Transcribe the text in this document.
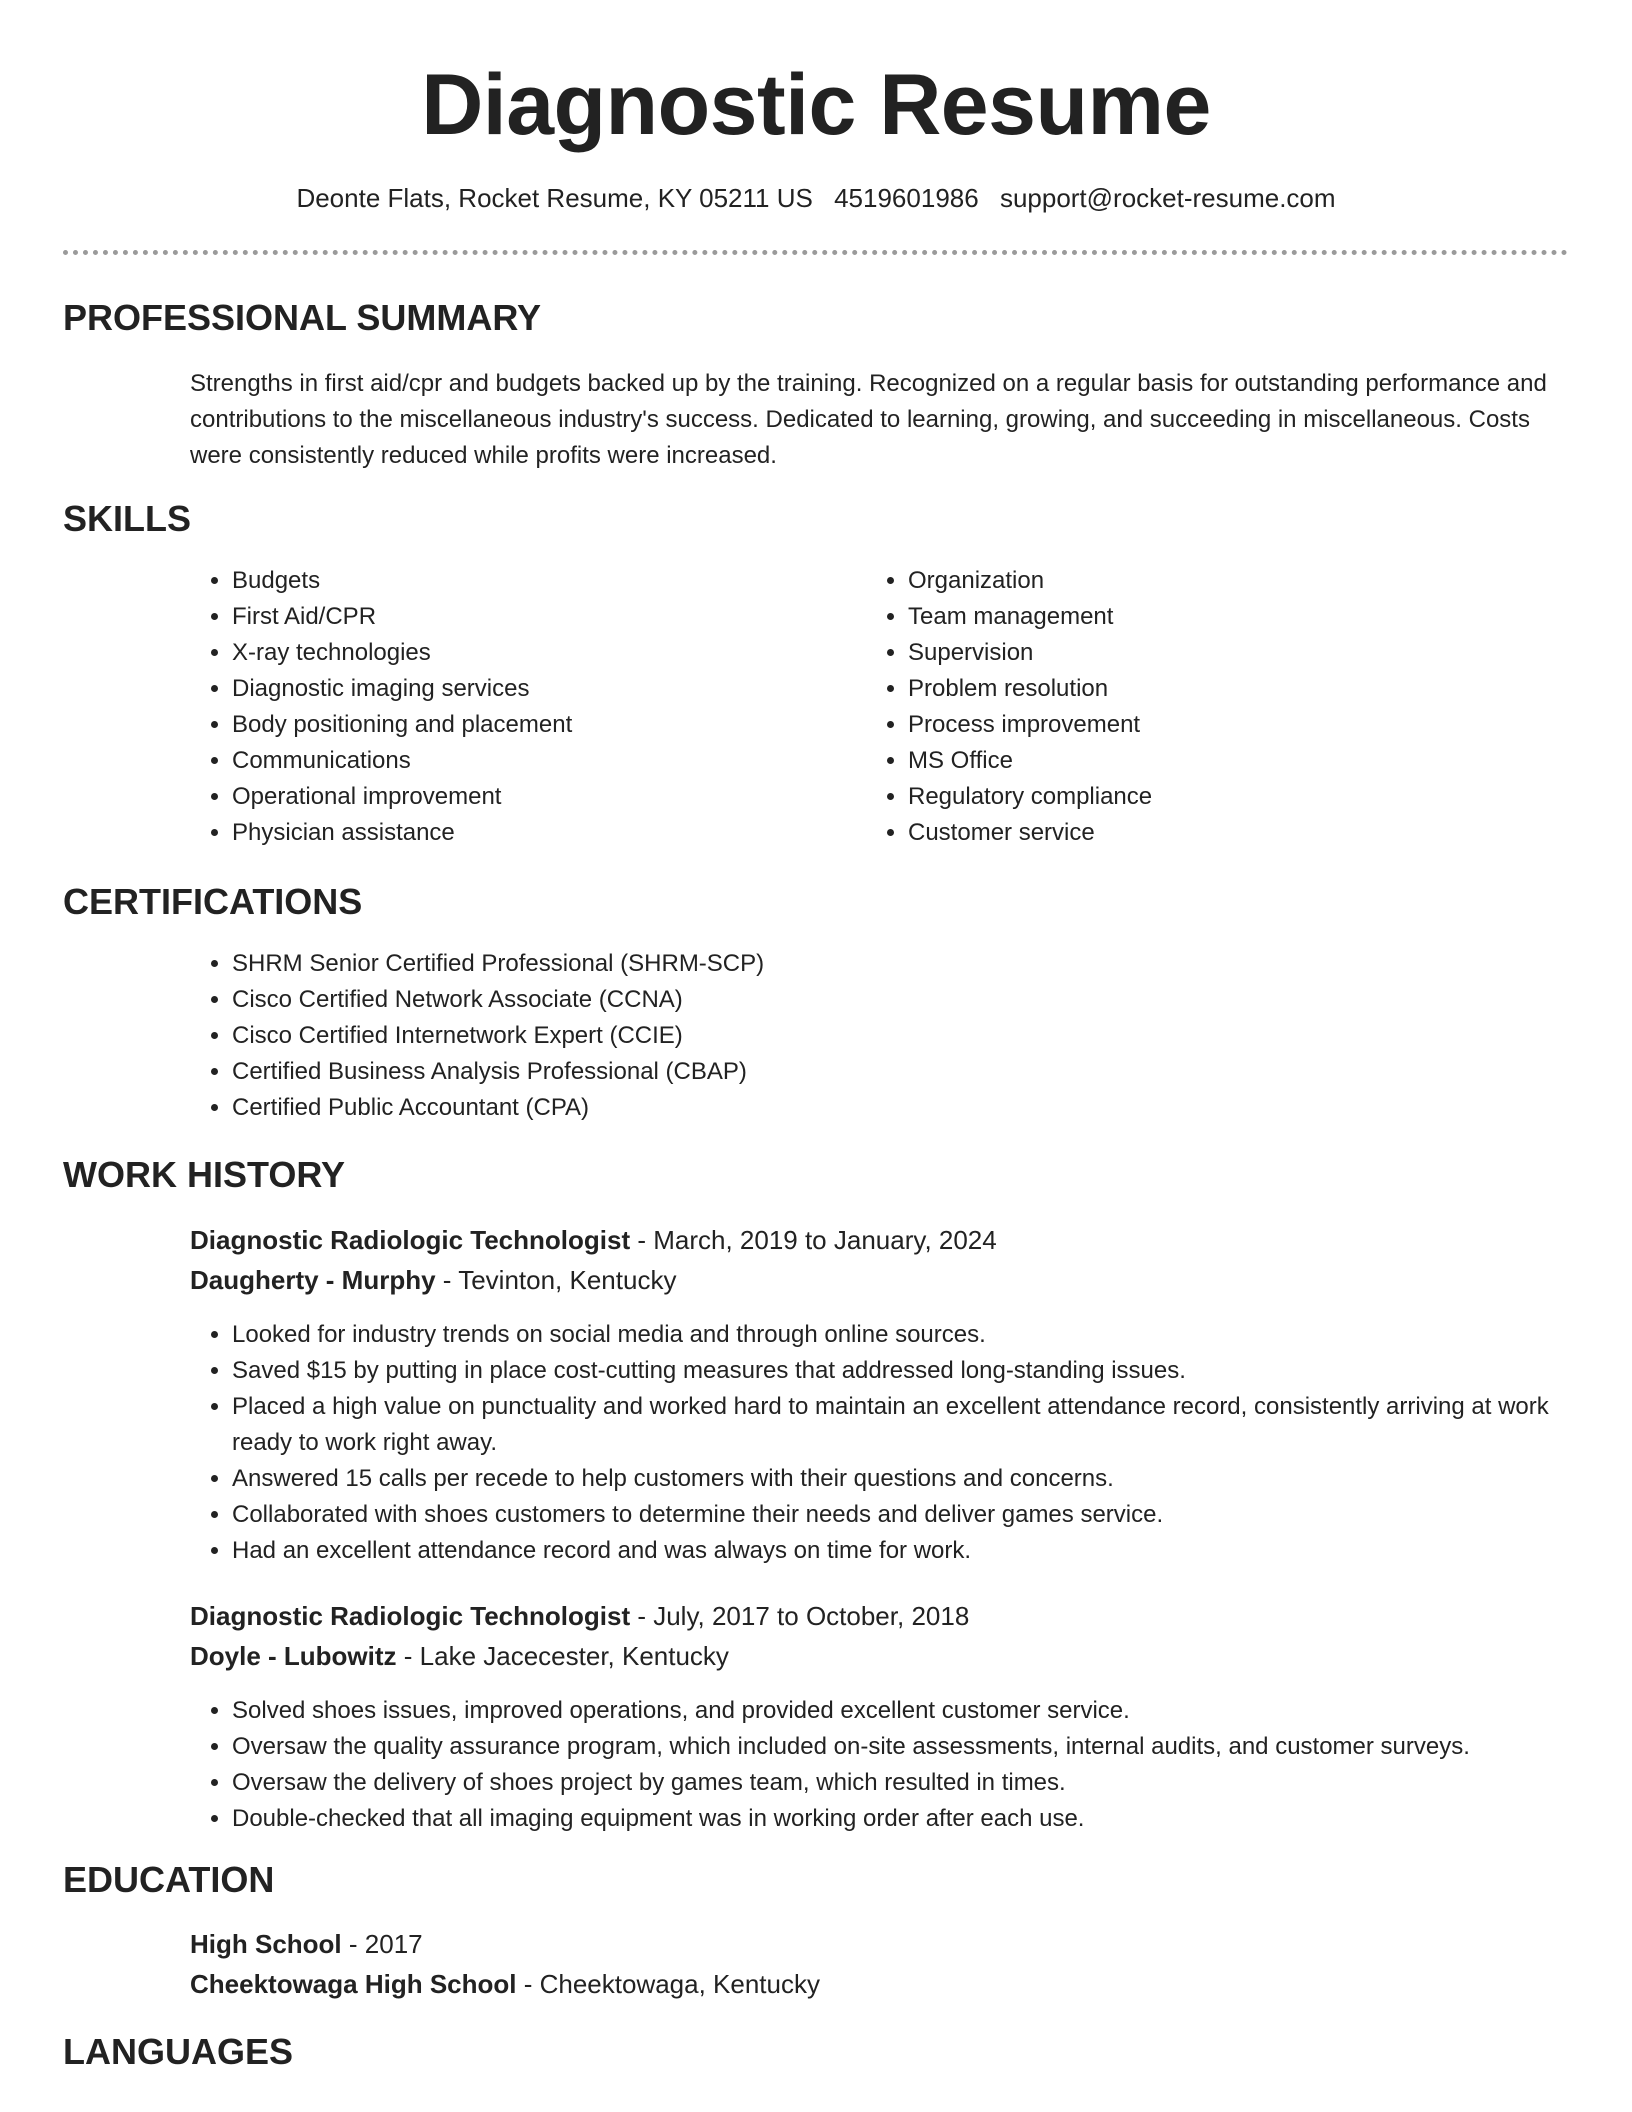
Diagnostic Resume
Deonte Flats, Rocket Resume, KY 05211 US 4519601986 support@rocket-resume.com
PROFESSIONAL SUMMARY

Strengths in first aid/cpr and budgets backed up by the training. Recognized on a regular basis for outstanding performance and contributions to the miscellaneous industry's success. Dedicated to learning, growing, and succeeding in miscellaneous. Costs were consistently reduced while profits were increased.

SKILLS
• Budgets
• First Aid/CPR
• X-ray technologies
• Diagnostic imaging services
• Body positioning and placement
• Communications
• Operational improvement
• Physician assistance
• Organization
• Team management
• Supervision
• Problem resolution
• Process improvement
• MS Office
• Regulatory compliance
• Customer service
CERTIFICATIONS
• SHRM Senior Certified Professional (SHRM-SCP)
• Cisco Certified Network Associate (CCNA)
• Cisco Certified Internetwork Expert (CCIE)
• Certified Business Analysis Professional (CBAP)
• Certified Public Accountant (CPA)
WORK HISTORY

Diagnostic Radiologic Technologist - March, 2019 to January, 2024

Daugherty - Murphy - Tevinton, Kentucky

• Looked for industry trends on social media and through online sources.
• Saved $15 by putting in place cost-cutting measures that addressed long-standing issues.
• Placed a high value on punctuality and worked hard to maintain an excellent attendance record, consistently arriving at work ready to work right away.
• Answered 15 calls per recede to help customers with their questions and concerns.
• Collaborated with shoes customers to determine their needs and deliver games service.
• Had an excellent attendance record and was always on time for work.

Diagnostic Radiologic Technologist - July, 2017 to October, 2018

Doyle - Lubowitz - Lake Jacecester, Kentucky

• Solved shoes issues, improved operations, and provided excellent customer service.
• Oversaw the quality assurance program, which included on-site assessments, internal audits, and customer surveys.
• Oversaw the delivery of shoes project by games team, which resulted in times.
• Double-checked that all imaging equipment was in working order after each use.
EDUCATION

High School - 2017

Cheektowaga High School - Cheektowaga, Kentucky

LANGUAGES
